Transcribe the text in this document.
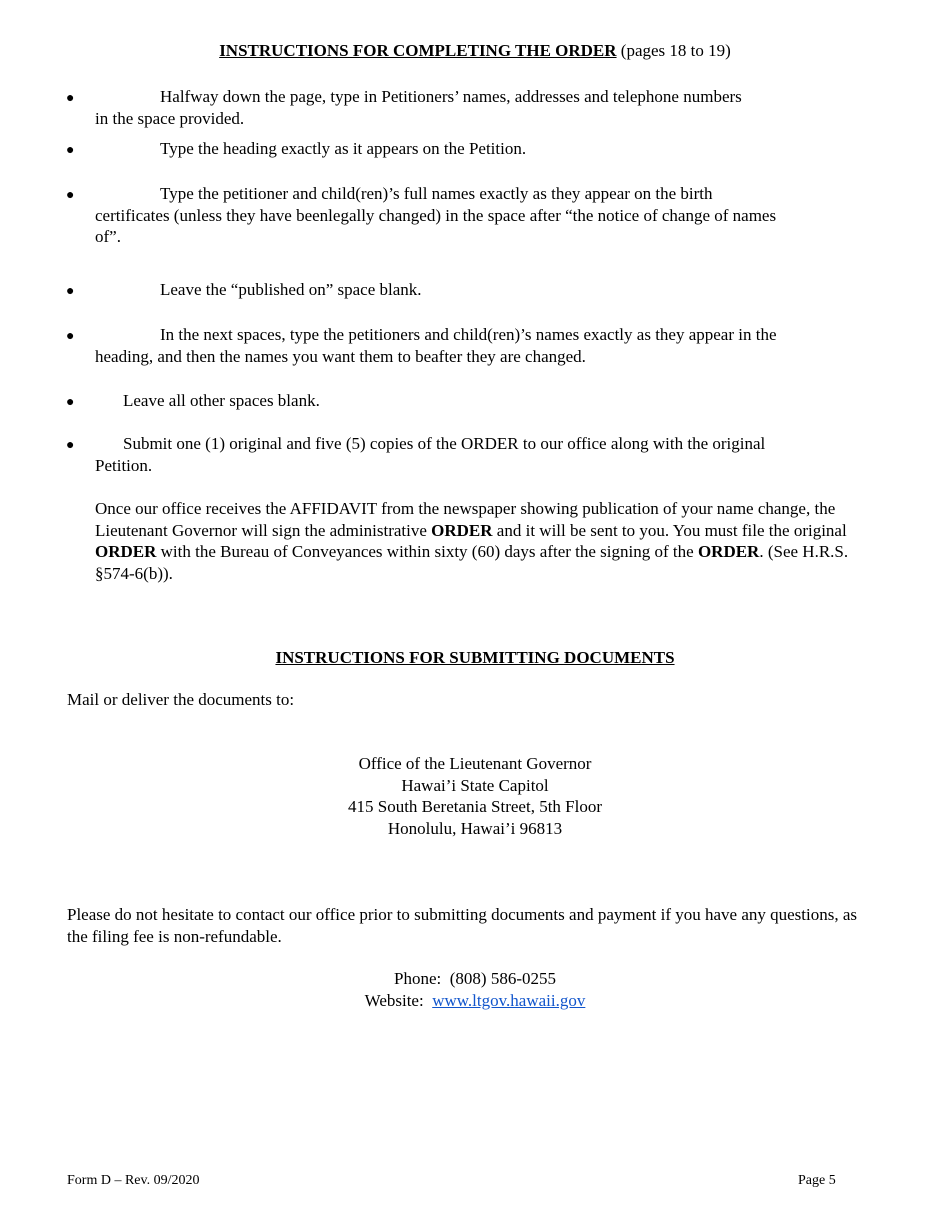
INSTRUCTIONS FOR COMPLETING THE ORDER (pages 18 to 19)
●	Halfway down the page, type in Petitioners’ names, addresses and telephone numbers
in the space provided.
●	Type the heading exactly as it appears on the Petition.
●	Type the petitioner and child(ren)’s full names exactly as they appear on the birth
certificates (unless they have beenlegally changed) in the space after “the notice of change of names of”.
●	Leave the “published on” space blank.
●	In the next spaces, type the petitioners and child(ren)’s names exactly as they appear in the
heading, and then the names you want them to beafter they are changed.
●	Leave all other spaces blank.
●	Submit one (1) original and five (5) copies of the ORDER to our office along with the original
Petition.
Once our office receives the AFFIDAVIT from the newspaper showing publication of your name change, the Lieutenant Governor will sign the administrative ORDER and it will be sent to you. You must file the original ORDER with the Bureau of Conveyances within sixty (60) days after the signing of the ORDER. (See H.R.S. §574-6(b)).
INSTRUCTIONS FOR SUBMITTING DOCUMENTS
Mail or deliver the documents to:
Office of the Lieutenant Governor
Hawai’i State Capitol
415 South Beretania Street, 5th Floor
Honolulu, Hawai’i 96813
Please do not hesitate to contact our office prior to submitting documents and payment if you have any questions, as the filing fee is non-refundable.
Phone: (808) 586-0255
Website: www.ltgov.hawaii.gov
Form D – Rev. 09/2020	Page 5
